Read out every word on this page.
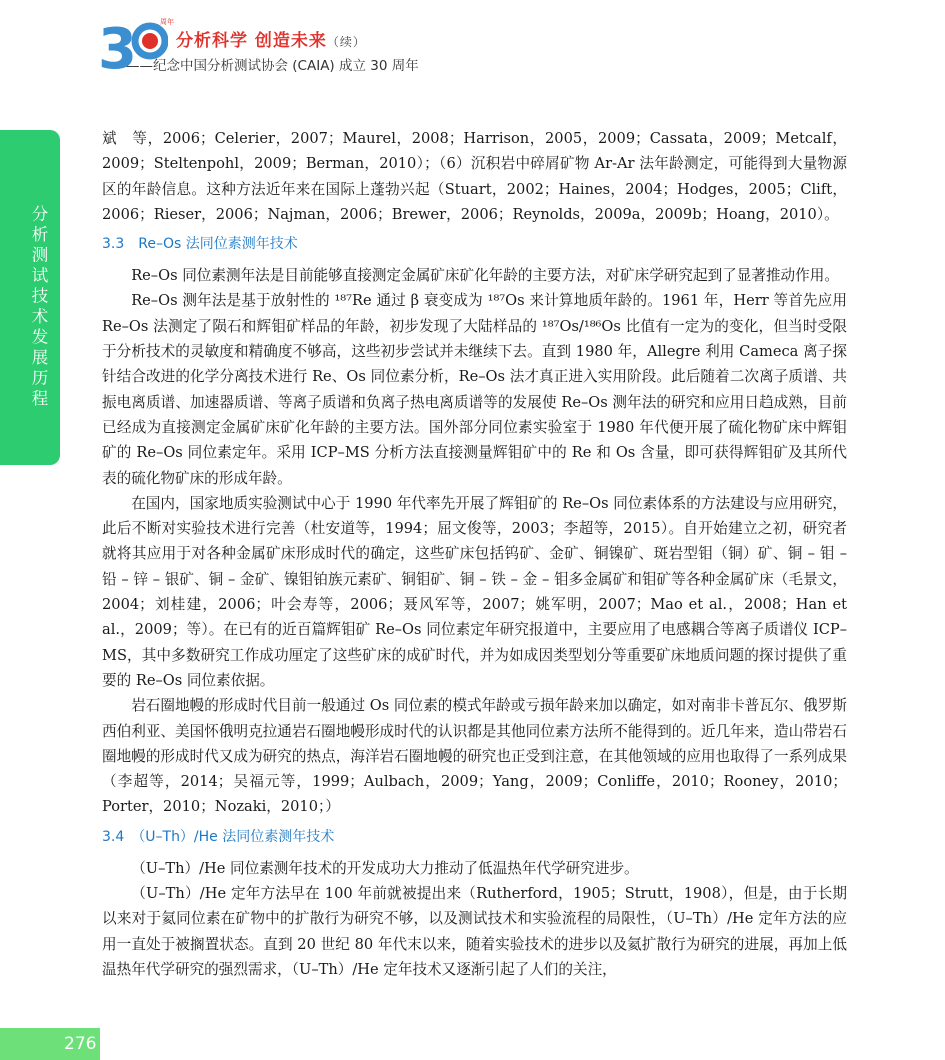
3	周年
分析科学 创造未来（续）
——纪念中国分析测试协会 (CAIA) 成立 30 周年
分析测试技术发展历程

斌　等，2006；Celerier，2007；Maurel，2008；Harrison，2005，2009；Cassata，2009；Metcalf，2009；Steltenpohl，2009；Berman，2010）；（6）沉积岩中碎屑矿物 Ar-Ar 法年龄测定，可能得到大量物源区的年龄信息。这种方法近年来在国际上蓬勃兴起（Stuart，2002；Haines，2004；Hodges，2005；Clift，2006；Rieser，2006；Najman，2006；Brewer，2006；Reynolds，2009a，2009b；Hoang，2010）。

3.3　Re–Os 法同位素测年技术

Re–Os 同位素测年法是目前能够直接测定金属矿床矿化年龄的主要方法，对矿床学研究起到了显著推动作用。

Re–Os 测年法是基于放射性的 ¹⁸⁷Re 通过 β 衰变成为 ¹⁸⁷Os 来计算地质年龄的。1961 年，Herr 等首先应用 Re–Os 法测定了陨石和辉钼矿样品的年龄，初步发现了大陆样品的 ¹⁸⁷Os/¹⁸⁶Os 比值有一定为的变化，但当时受限于分析技术的灵敏度和精确度不够高，这些初步尝试并未继续下去。直到 1980 年，Allegre 利用 Cameca 离子探针结合改进的化学分离技术进行 Re、Os 同位素分析，Re–Os 法才真正进入实用阶段。此后随着二次离子质谱、共振电离质谱、加速器质谱、等离子质谱和负离子热电离质谱等的发展使 Re–Os 测年法的研究和应用日趋成熟，目前已经成为直接测定金属矿床矿化年龄的主要方法。国外部分同位素实验室于 1980 年代便开展了硫化物矿床中辉钼矿的 Re–Os 同位素定年。采用 ICP–MS 分析方法直接测量辉钼矿中的 Re 和 Os 含量，即可获得辉钼矿及其所代表的硫化物矿床的形成年龄。

在国内，国家地质实验测试中心于 1990 年代率先开展了辉钼矿的 Re–Os 同位素体系的方法建设与应用研究，此后不断对实验技术进行完善（杜安道等，1994；屈文俊等，2003；李超等，2015）。自开始建立之初，研究者就将其应用于对各种金属矿床形成时代的确定，这些矿床包括钨矿、金矿、铜镍矿、斑岩型钼（铜）矿、铜 – 钼 – 铅 – 锌 – 银矿、铜 – 金矿、镍钼铂族元素矿、铜钼矿、铜 – 铁 – 金 – 钼多金属矿和钼矿等各种金属矿床（毛景文，2004；刘桂建，2006；叶会寿等，2006；聂风军等，2007；姚军明，2007；Mao et al.，2008；Han et al.，2009；等）。在已有的近百篇辉钼矿 Re–Os 同位素定年研究报道中，主要应用了电感耦合等离子质谱仪 ICP–MS，其中多数研究工作成功厘定了这些矿床的成矿时代，并为如成因类型划分等重要矿床地质问题的探讨提供了重要的 Re–Os 同位素依据。

岩石圈地幔的形成时代目前一般通过 Os 同位素的模式年龄或亏损年龄来加以确定，如对南非卡普瓦尔、俄罗斯西伯利亚、美国怀俄明克拉通岩石圈地幔形成时代的认识都是其他同位素方法所不能得到的。近几年来，造山带岩石圈地幔的形成时代又成为研究的热点，海洋岩石圈地幔的研究也正受到注意，在其他领域的应用也取得了一系列成果（李超等，2014；吴福元等，1999；Aulbach，2009；Yang，2009；Conliffe，2010；Rooney，2010；Porter，2010；Nozaki，2010；）

3.4　（U–Th）/He 法同位素测年技术

（U–Th）/He 同位素测年技术的开发成功大力推动了低温热年代学研究进步。

（U–Th）/He 定年方法早在 100 年前就被提出来（Rutherford，1905；Strutt，1908），但是，由于长期以来对于氦同位素在矿物中的扩散行为研究不够，以及测试技术和实验流程的局限性，（U–Th）/He 定年方法的应用一直处于被搁置状态。直到 20 世纪 80 年代末以来，随着实验技术的进步以及氦扩散行为研究的进展，再加上低温热年代学研究的强烈需求，（U–Th）/He 定年技术又逐渐引起了人们的关注，

276
